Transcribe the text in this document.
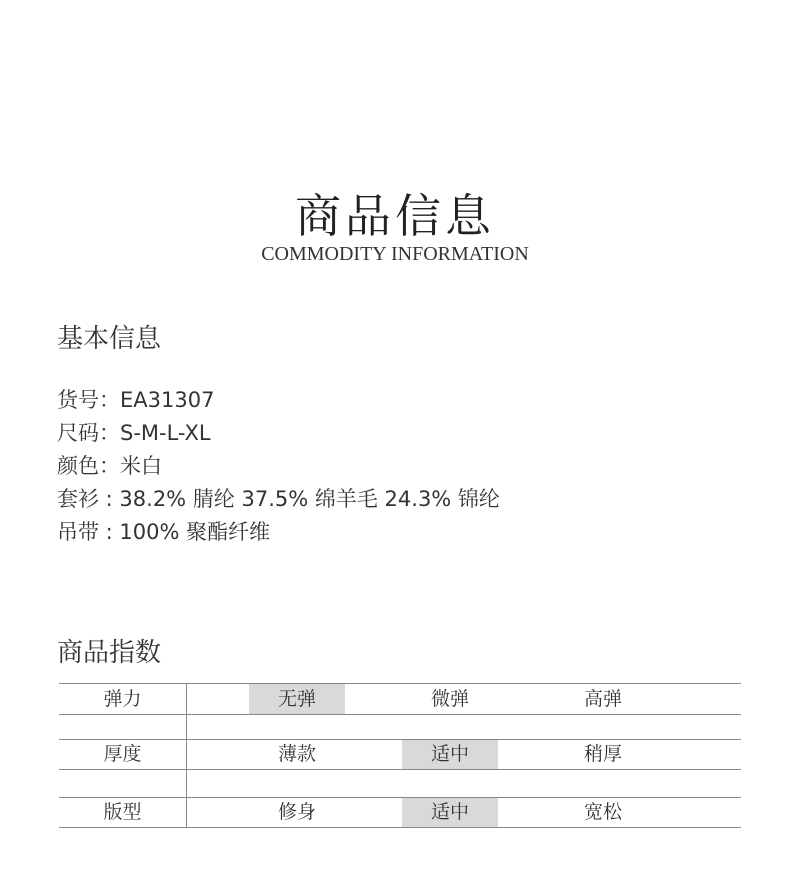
商品信息
COMMODITY INFORMATION
基本信息
货号：EA31307
尺码：S-M-L-XL
颜色：米白
套衫 : 38.2% 腈纶 37.5% 绵羊毛 24.3% 锦纶
吊带 : 100% 聚酯纤维
商品指数
弹力	无弹	微弹	高弹
厚度	薄款	适中	稍厚
版型	修身	适中	宽松
